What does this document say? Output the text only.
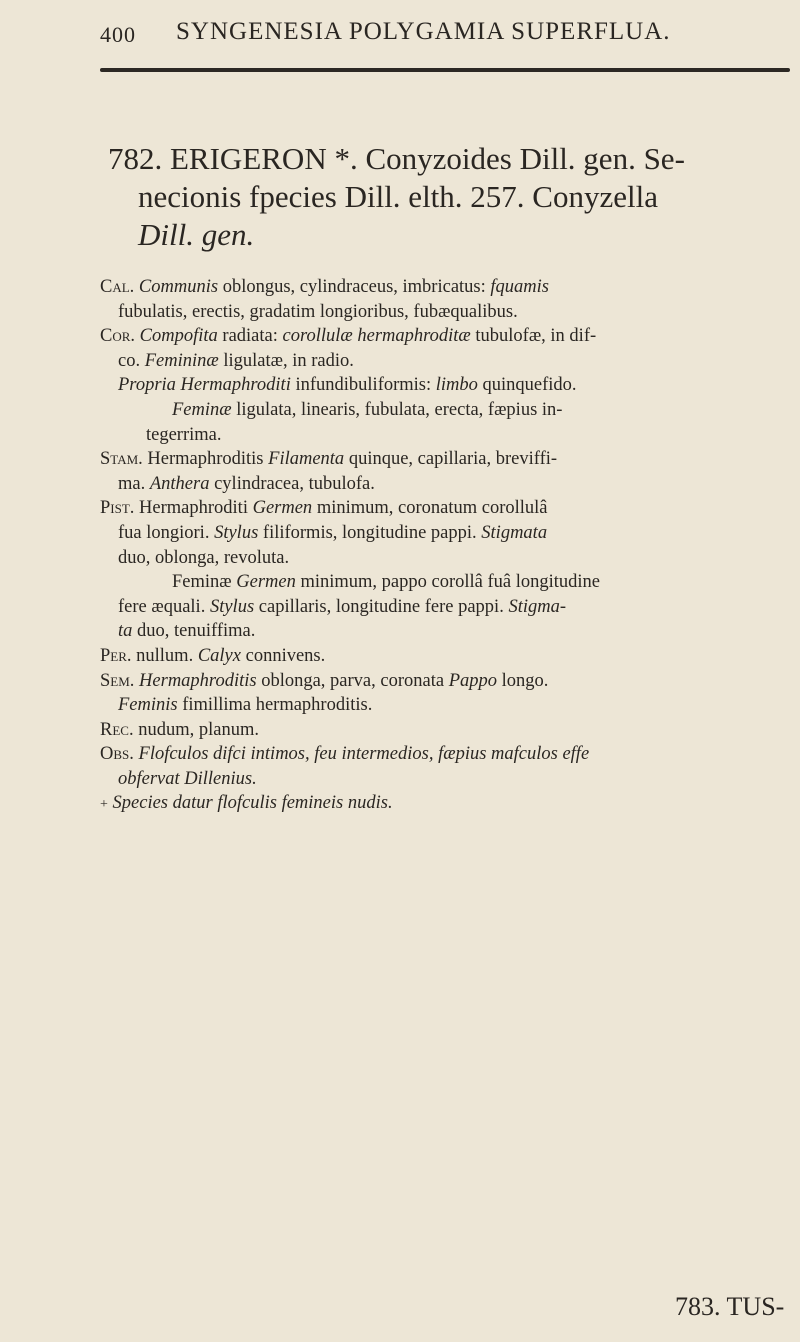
400 SYNGENESIA POLYGAMIA SUPERFLUA.
782. ERIGERON *. Conyzoides Dill. gen. Se-
necionis fpecies Dill. elth. 257. Conyzella
Dill. gen.
Cal. Communis oblongus, cylindraceus, imbricatus: fquamis
fubulatis, erectis, gradatim longioribus, fubæqualibus.
Cor. Compofita radiata: corollulæ hermaphroditæ tubulofæ, in dif-
co. Femininæ ligulatæ, in radio.
Propria Hermaphroditi infundibuliformis: limbo quinquefido.
Feminæ ligulata, linearis, fubulata, erecta, fæpius in-
tegerrima.
Stam. Hermaphroditis Filamenta quinque, capillaria, breviffi-
ma. Anthera cylindracea, tubulofa.
Pist. Hermaphroditi Germen minimum, coronatum corollulâ
fua longiori. Stylus filiformis, longitudine pappi. Stigmata
duo, oblonga, revoluta.
Feminæ Germen minimum, pappo corollâ fuâ longitudine
fere æquali. Stylus capillaris, longitudine fere pappi. Stigma-
ta duo, tenuiffima.
Per. nullum. Calyx connivens.
Sem. Hermaphroditis oblonga, parva, coronata Pappo longo.
Feminis fimillima hermaphroditis.
Rec. nudum, planum.
Obs. Flofculos difci intimos, feu intermedios, fæpius mafculos effe
obfervat Dillenius.
+ Species datur flofculis femineis nudis.
783. TUS-
